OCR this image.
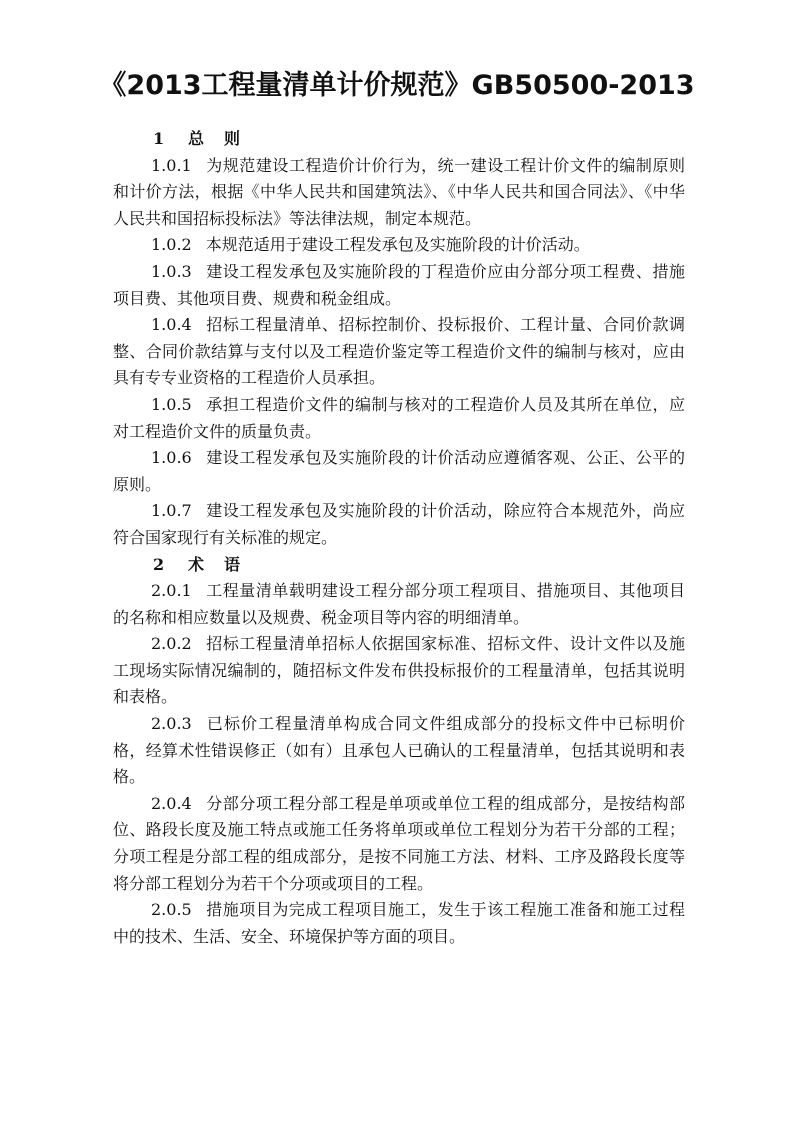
《2013工程量清单计价规范》GB50500-2013

1 总 则

1.0.1 为规范建设工程造价计价行为，统一建设工程计价文件的编制原则和计价方法，根据《中华人民共和国建筑法》、《中华人民共和国合同法》、《中华人民共和国招标投标法》等法律法规，制定本规范。

1.0.2 本规范适用于建设工程发承包及实施阶段的计价活动。

1.0.3 建设工程发承包及实施阶段的丁程造价应由分部分项工程费、措施项目费、其他项目费、规费和税金组成。

1.0.4 招标工程量清单、招标控制价、投标报价、工程计量、合同价款调整、合同价款结算与支付以及工程造价鉴定等工程造价文件的编制与核对，应由具有专专业资格的工程造价人员承担。

1.0.5 承担工程造价文件的编制与核对的工程造价人员及其所在单位，应对工程造价文件的质量负责。

1.0.6 建设工程发承包及实施阶段的计价活动应遵循客观、公正、公平的原则。

1.0.7 建设工程发承包及实施阶段的计价活动，除应符合本规范外，尚应符合国家现行有关标准的规定。

2 术 语

2.0.1 工程量清单载明建设工程分部分项工程项目、措施项目、其他项目的名称和相应数量以及规费、税金项目等内容的明细清单。

2.0.2 招标工程量清单招标人依据国家标准、招标文件、设计文件以及施工现场实际情况编制的，随招标文件发布供投标报价的工程量清单，包括其说明和表格。

2.0.3 已标价工程量清单构成合同文件组成部分的投标文件中已标明价格，经算术性错误修正（如有）且承包人已确认的工程量清单，包括其说明和表格。

2.0.4 分部分项工程分部工程是单项或单位工程的组成部分，是按结构部位、路段长度及施工特点或施工任务将单项或单位工程划分为若干分部的工程；分项工程是分部工程的组成部分，是按不同施工方法、材料、工序及路段长度等将分部工程划分为若干个分项或项目的工程。

2.0.5 措施项目为完成工程项目施工，发生于该工程施工准备和施工过程中的技术、生活、安全、环境保护等方面的项目。
